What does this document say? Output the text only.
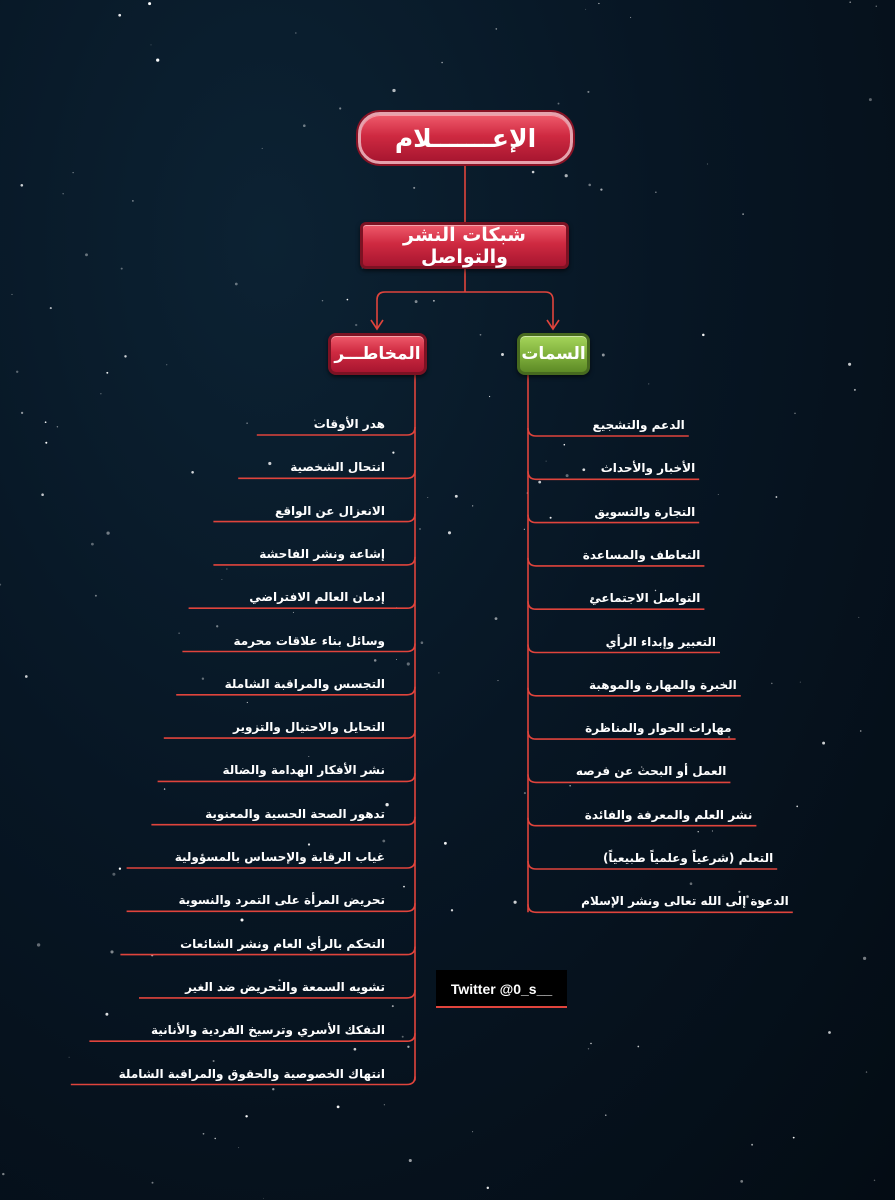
الإعـــــــلام
شبكات النشر والتواصل
المخاطـــر	السمات
هدر الأوقات
انتحال الشخصية
الانعزال عن الواقع
إشاعة ونشر الفاحشة
إدمان العالم الافتراضي
وسائل بناء علاقات محرمة
التجسس والمراقبة الشاملة
التحايل والاحتيال والتزوير
نشر الأفكار الهدامة والضالة
تدهور الصحة الحسية والمعنوية
غياب الرقابة والإحساس بالمسؤولية
تحريض المرأة على التمرد والنسوية
التحكم بالرأي العام ونشر الشائعات
تشويه السمعة والتحريض ضد الغير
التفكك الأسري وترسيخ الفردية والأنانية
انتهاك الخصوصية والحقوق والمراقبة الشاملة
الدعم والتشجيع
الأخبار والأحداث
التجارة والتسويق
التعاطف والمساعدة
التواصل الاجتماعي
التعبير وإبداء الرأي
الخبرة والمهارة والموهبة
مهارات الحوار والمناظرة
العمل أو البحث عن فرصه
نشر العلم والمعرفة والفائدة
التعلم (شرعياً وعلمياً طبيعياً)
الدعوة إلى الله تعالى ونشر الإسلام
Twitter @0_s__
